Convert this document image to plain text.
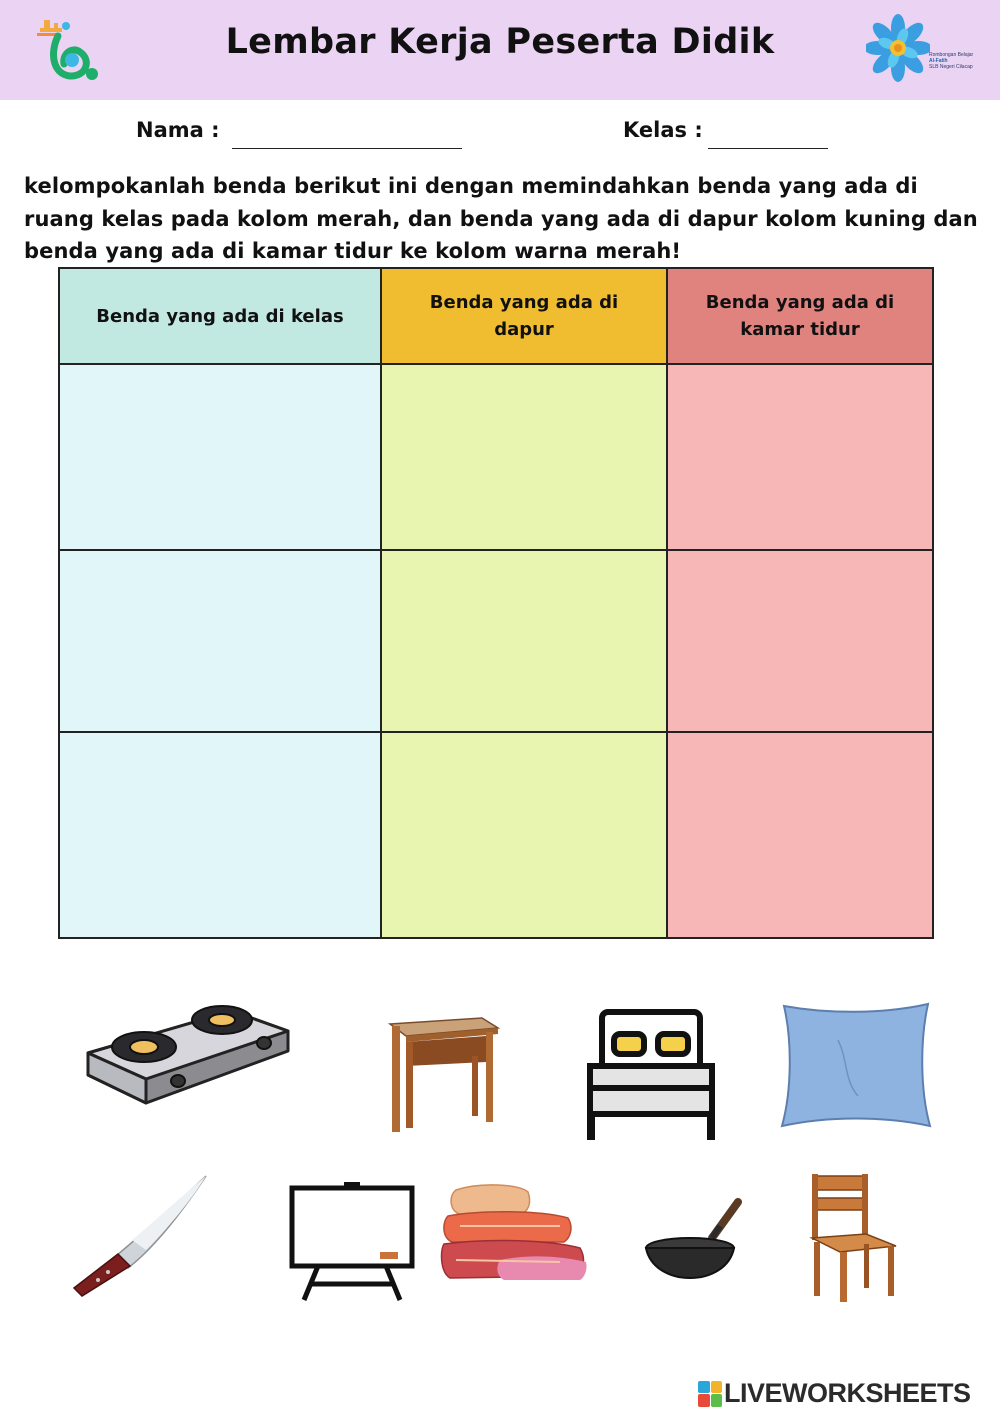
Lembar Kerja Peserta Didik	Rombongan Belajar
Al-Fatih
SLB Negeri Cilacap
Nama :	Kelas :
kelompokanlah benda berikut ini dengan memindahkan benda yang ada di ruang kelas pada kolom merah, dan benda yang ada di dapur kolom kuning dan benda yang ada di kamar tidur ke kolom warna merah!
Benda yang ada di kelas
Benda yang ada di dapur
Benda yang ada di kamar tidur
LIVEWORKSHEETS
